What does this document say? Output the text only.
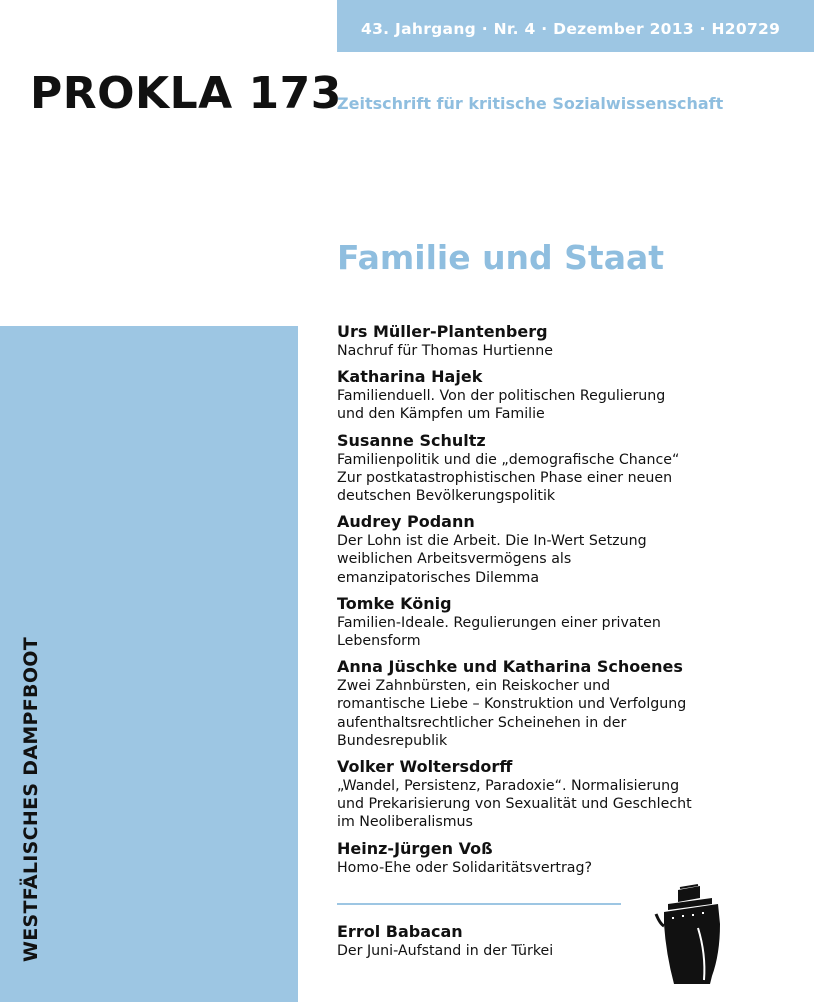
43. Jahrgang · Nr. 4 · Dezember 2013 · H20729
PROKLA 173
Zeitschrift für kritische Sozialwissenschaft
Familie und Staat
WESTFÄLISCHES DAMPFBOOT
Urs Müller-Plantenberg
Nachruf für Thomas Hurtienne
Katharina Hajek
Familienduell. Von der politischen Regulierung
und den Kämpfen um Familie
Susanne Schultz
Familienpolitik und die „demografische Chance“
Zur postkatastrophistischen Phase einer neuen
deutschen Bevölkerungspolitik
Audrey Podann
Der Lohn ist die Arbeit. Die In-Wert Setzung
weiblichen Arbeitsvermögens als
emanzipatorisches Dilemma
Tomke König
Familien-Ideale. Regulierungen einer privaten
Lebensform
Anna Jüschke und Katharina Schoenes
Zwei Zahnbürsten, ein Reiskocher und
romantische Liebe – Konstruktion und Verfolgung
aufenthaltsrechtlicher Scheinehen in der
Bundesrepublik
Volker Woltersdorff
„Wandel, Persistenz, Paradoxie“. Normalisierung
und Prekarisierung von Sexualität und Geschlecht
im Neoliberalismus
Heinz-Jürgen Voß
Homo-Ehe oder Solidaritätsvertrag?
Errol Babacan
Der Juni-Aufstand in der Türkei
